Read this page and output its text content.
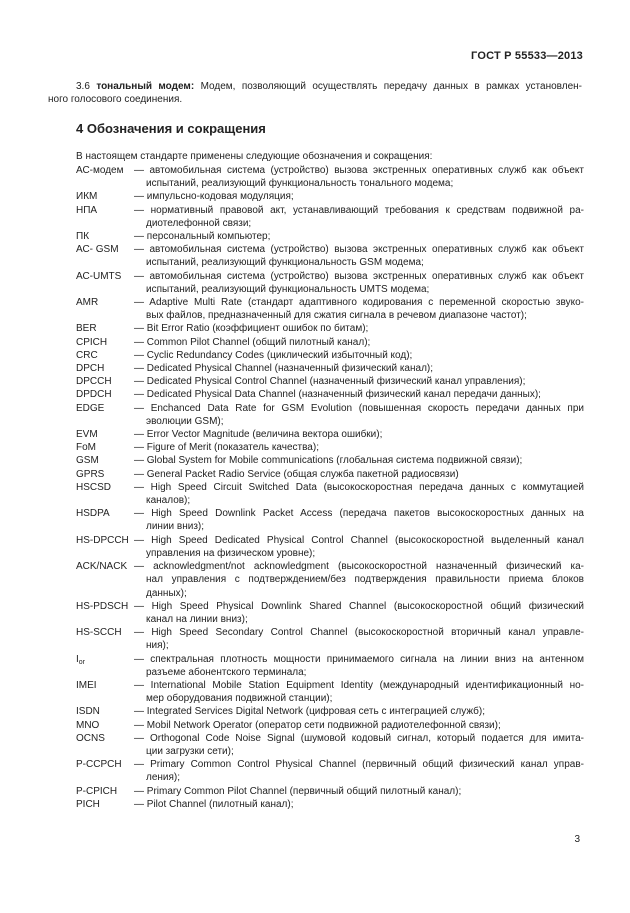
ГОСТ Р 55533—2013
3.6 тональный модем: Модем, позволяющий осуществлять передачу данных в рамках установлен-
ного голосового соединения.
4 Обозначения и сокращения
В настоящем стандарте применены следующие обозначения и сокращения:
АС-модем	— автомобильная система (устройство) вызова экстренных оперативных служб как объект
испытаний, реализующий функциональность тонального модема;
ИКМ	— импульсно-кодовая модуляция;
НПА	— нормативный правовой акт, устанавливающий требования к средствам подвижной ра-
диотелефонной связи;
ПК	— персональный компьютер;
АС- GSM	— автомобильная система (устройство) вызова экстренных оперативных служб как объект
испытаний, реализующий функциональность GSM модема;
АС-UMTS	— автомобильная система (устройство) вызова экстренных оперативных служб как объект
испытаний, реализующий функциональность UMTS модема;
AMR	— Adaptive Multi Rate (стандарт адаптивного кодирования с переменной скоростью звуко-
вых файлов, предназначенный для сжатия сигнала в речевом диапазоне частот);
BER	— Bit Error Ratio (коэффициент ошибок по битам);
CPICH	— Common Pilot Channel (общий пилотный канал);
CRC	— Cyclic Redundancy Codes (циклический избыточный код);
DPCH	— Dedicated Physical Channel (назначенный физический канал);
DPCCH	— Dedicated Physical Control Channel (назначенный физический канал управления);
DPDCH	— Dedicated Physical Data Channel (назначенный физический канал передачи данных);
EDGE	— Enchanced Data Rate for GSM Evolution (повышенная скорость передачи данных при
эволюции GSM);
EVM	— Error Vector Magnitude (величина вектора ошибки);
FoM	— Figure of Merit (показатель качества);
GSM	— Global System for Mobile communications (глобальная система подвижной связи);
GPRS	— General Packet Radio Service (общая служба пакетной радиосвязи)
HSCSD	— High Speed Circuit Switched Data (высокоскоростная передача данных с коммутацией
каналов);
HSDPA	— High Speed Downlink Packet Access (передача пакетов высокоскоростных данных на
линии вниз);
HS-DPCCH — High Speed Dedicated Physical Control Channel (высокоскоростной выделенный канал
управления на физическом уровне);
ACK/NACK — acknowledgment/not acknowledgment (высокоскоростной назначенный физический ка-
нал управления с подтверждением/без подтверждения правильности приема блоков
данных);
HS-PDSCH — High Speed Physical Downlink Shared Channel (высокоскоростной общий физический
канал на линии вниз);
HS-SCCH	— High Speed Secondary Control Channel (высокоскоростной вторичный канал управле-
ния);
$I_{or}$	— спектральная плотность мощности принимаемого сигнала на линии вниз на антенном
разъеме абонентского терминала;
IMEI	— International Mobile Station Equipment Identity (международный идентификационный но-
мер оборудования подвижной станции);
ISDN	— Integrated Services Digital Network (цифровая сеть с интеграцией служб);
MNO	— Mobil Network Operator (оператор сети подвижной радиотелефонной связи);
OCNS	— Orthogonal Code Noise Signal (шумовой кодовый сигнал, который подается для имита-
ции загрузки сети);
P-CCPCH	— Primary Common Control Physical Channel (первичный общий физический канал управ-
ления);
P-CPICH	— Primary Common Pilot Channel (первичный общий пилотный канал);
PICH	— Pilot Channel (пилотный канал);
3
